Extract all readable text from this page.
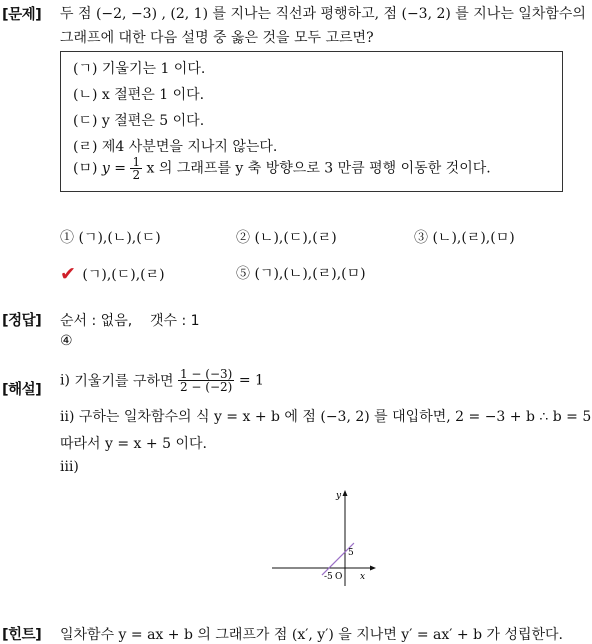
[문제] 두 점 (−2, −3) , (2, 1) 를 지나는 직선과 평행하고, 점 (−3, 2) 를 지나는 일차함수의
그래프에 대한 다음 설명 중 옳은 것을 모두 고르면?
(ㄱ) 기울기는 1 이다.
(ㄴ) x 절편은 1 이다.
(ㄷ) y 절편은 5 이다.
(ㄹ) 제4 사분면을 지나지 않는다.
(ㅁ) $y = \frac{1}{2}$ x 의 그래프를 y 축 방향으로 3 만큼 평행 이동한 것이다.
① (ㄱ),(ㄴ),(ㄷ)	② (ㄴ),(ㄷ),(ㄹ)	③ (ㄴ),(ㄹ),(ㅁ)
✔ (ㄱ),(ㄷ),(ㄹ)	⑤ (ㄱ),(ㄴ),(ㄹ),(ㅁ)
[정답] 순서 : 없음,    갯수 : 1
④
[해설]
ⅰ) 기울기를 구하면 $\frac{1 - (-3)}{2 - (-2)} = 1$
ⅱ) 구하는 일차함수의 식 y = x + b 에 점 (−3, 2) 를 대입하면, 2 = −3 + b ∴ b = 5
따라서 y = x + 5 이다.
ⅲ)
x
y
O
-5
5
[힌트] 일차함수 y = ax + b 의 그래프가 점 (x′, y′) 을 지나면 y′ = ax′ + b 가 성립한다.
